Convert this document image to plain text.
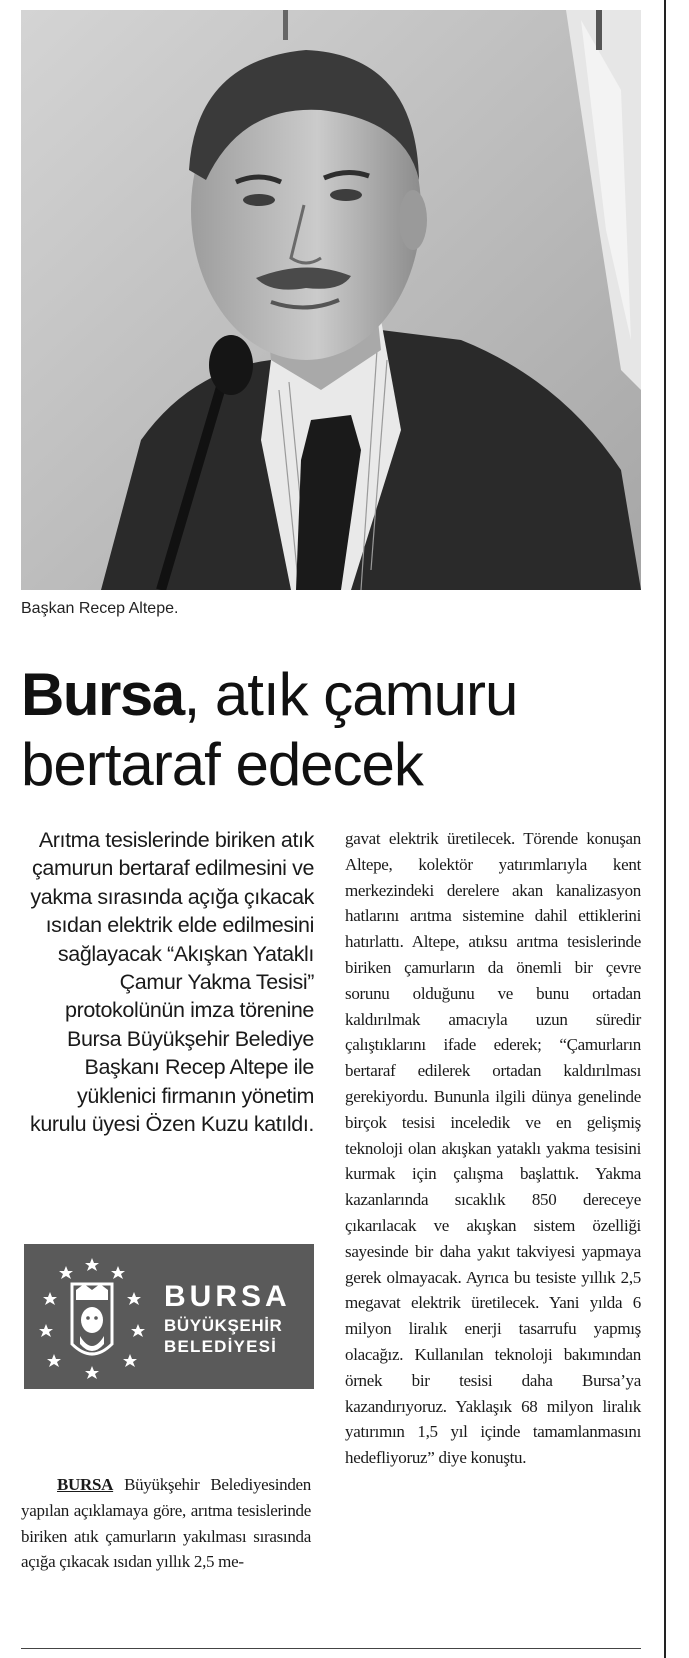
Başkan Recep Altepe.
Bursa, atık çamuru
bertaraf edecek
Arıtma tesislerinde biriken atık çamurun bertaraf edilmesini ve yakma sırasında açığa çıkacak ısıdan elektrik elde edilmesini sağlayacak “Akışkan Yataklı Çamur Yakma Tesisi” protokolünün imza törenine Bursa Büyükşehir Belediye Başkanı Recep Altepe ile yüklenici firmanın yönetim kurulu üyesi Özen Kuzu katıldı.
BURSA
BÜYÜKŞEHİR
BELEDİYESİ
gavat elektrik üretilecek. Törende konuşan Altepe, kolektör yatırımlarıyla kent merkezindeki derelere akan kanalizasyon hatlarını arıtma sistemine dahil ettiklerini hatırlattı. Altepe, atıksu arıtma tesislerinde biriken çamurların da önemli bir çevre sorunu olduğunu ve bunu ortadan kaldırılmak amacıyla uzun süredir çalıştıklarını ifade ederek; “Çamurların bertaraf edilerek ortadan kaldırılması gerekiyordu. Bununla ilgili dünya genelinde birçok tesisi inceledik ve en gelişmiş teknoloji olan akışkan yataklı yakma tesisini kurmak için çalışma başlattık. Yakma kazanlarında sıcaklık 850 dereceye çıkarılacak ve akışkan sistem özelliği sayesinde bir daha yakıt takviyesi yapmaya gerek olmayacak. Ayrıca bu tesiste yıllık 2,5 megavat elektrik üretilecek. Yani yılda 6 milyon liralık enerji tasarrufu yapmış olacağız. Kullanılan teknoloji bakımından örnek bir tesisi daha Bursa’ya kazandırıyoruz. Yaklaşık 68 milyon liralık yatırımın 1,5 yıl içinde tamamlanmasını hedefliyoruz” diye konuştu.
BURSA Büyükşehir Belediyesinden yapılan açıklamaya göre, arıtma tesislerinde biriken atık çamurların yakılması sırasında açığa çıkacak ısıdan yıllık 2,5 me-
